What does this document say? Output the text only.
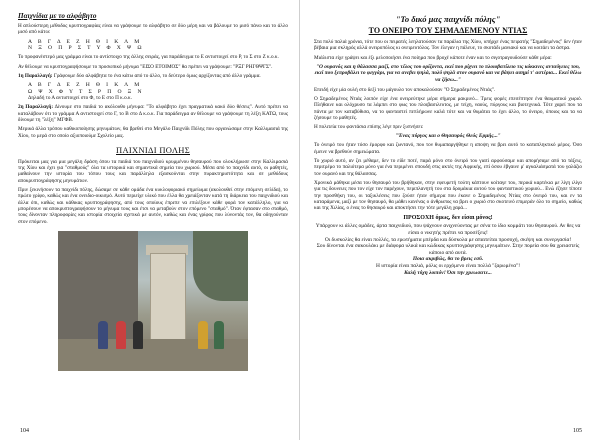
Παιχνίδια με το αλφάβητο

Η απλούστερη μέθοδος κρυπτογραφίας είναι να γράψουμε το αλφάβητο σε δύο μέρη και να βάλουμε το μισό πάνω και το άλλο μισό από κάτω:

Α Β Γ Δ Ε Ζ Η Θ Ι Κ Λ Μ
Ν Ξ Ο Π Ρ Σ Τ Υ Φ Χ Ψ Ω

Το προφανέστερό μας γράμμα είναι το αντίστοιχο της άλλης σειράς, για παράδειγμα το Ε αντιστοιχεί στο Ρ, το Σ στο Ζ κ.ο.κ.

Αν θέλουμε να κρυπτογραφήσουμε το προσωπικό μήνυμα "ΕΙΣΟ ΕΤΟΙΜΟΣ" θα πρέπει να γράψουμε: "ΡΞΓ ΡΗΓΘΨΓΣ".

1η Παραλλαγή: Γράφουμε δύο αλφάβητα το ένα κάτω από το άλλο, το δεύτερο όμως αρχίζοντας από άλλο γράμμα.

Α Β Γ Δ Ε Ζ Η Θ Ι Κ Λ Μ
Ω Ψ Χ Φ Υ Τ Σ Ρ Π Ο Ξ Ν

Δηλαδή το Α αντιστοιχεί στο Φ, το Ε στο Π κ.ο.κ.

2η Παραλλαγή: Δίνουμε στο παιδιά το ακόλουθο μήνυμα: "Το αλφάβητο έχει πραγματικά κακό δύο θέσεις". Αυτό πρέπει να καταλάβουν ότι το γράμμα Α αντιστοιχεί στο Γ, το Β στο Δ κ.ο.κ. Για παράδειγμα αν θέλουμε να γράψουμε τη λέξη ΚΑΤΩ, τους δίνουμε τη "λέξη" ΜΓΦΒ.

Μερικά άλλα τρόπου καθικοποίησης μηνυμάτων, θα βρεθεί στο Μεγάλο Παιχνίδι Πόλης που οργανώσαμε στην Καλλιμασιά της Χίου, το μερά στο οποίο αξιοποιούμε Σχολείο μας.

ΠΑΙΧΝΙΔΙ ΠΟΛΗΣ

Πρόκειται μας για μια μεγάλη δράση όπου τα παιδιά του παιχνιδιού κρυμμένου θησαυρού που ολοκλήρωσε στην Καλλιμασιά της Χίου και έχει για "σταθμούς" όλα τα ιστορικά και σημαντικά σημεία του χωριού. Μέσα από το παιχνίδι αυτό, οι μαθητές, μαθαίνουν την ιστορία του τόπου τους και παράλληλα εξασκούνται στην πυρακτηριστότητα και σε μεθόδους αποκρυπτογράφησης μηνυμάτων.

Πριν ξεκινήσουν τα παιχνίδι πόλης, δώσαμε σε κάθε ομάδα ένα κυκλοφοριακό σημείωμα (ακολουθεί στην επόμενη σελίδα), το πρώτο γρίφο, καθώς και ένα ονειδιο-οικισμό. Αυτό περιείχε υλικό που έλλα θα χρειάζονταν κατά τη διάρκεια του παιχνιδιού και άλλα όπι, καθώς και κάθικας κρυπτογράφησης, από τους οποίους έπρεπε να επιλέξουν κάθε φορά τον κατάλληλο, για να μπορέσουν να αποκρυπτογραφήσουν το μήνυμα τους και έτσι να μεταβούν στον επόμενο "σταθμό". Όταν έφτασαν στο σταθμό, τους δίνονταν πληροφορίες και ιστορία στοιχεία σχετικά με αυτόν, καθώς και ένας γρίφος που λύνοντάς τον, θα οδηγούνταν στον επόμενο.

104
"Το δικό μας παιχνίδι πόλης"
ΤΟ ΟΝΕΙΡΟ ΤΟΥ ΣΗΜΑΔΕΜΕΝΟΥ ΝΤΙΑΣ

Στα πολύ παλιά χρόνια, τότε που οι πειρατές λεηλατούσαν τα παράλια της Χίου, υπήρχε ένας πειρατής "Σημαδεμένος" δεν ήταν βέβαια μια σκληρός αλλά ονειροπόλος κι ονειρευτόλος. Τον έλεγαν η πάλευε, το σκοτάδι μανιακό και να κοιτάει τα άστρα.

Μιάλιστα είχε γράψει και έξι μελοποιήσει ένα ποίημα που βροχέ κάποτε έναν και το σιγοτραγουδούσε κάθε μέρα:

"Ο ουρανός και η θάλασσα μαζί, στο τέλος του ορίζοντα, εκεί που ρίχνει το πλοιοβατίλειο τις κόκκινες ανταύγειες του, εκεί που ξεπροβάλει το φεγγάρι, για να ανεβει ψηλά, πολύ ψηλά στον ουρανό και να βάψει ασημί τ' αστέρια... Εκεί θέλω να ζήσω..."

Επειδή είχε μία ουλή στο δεξί του μάγουλο τον αποκαλούσαν "Ο Σημαδεμένος Ντιάς".

Ο Σημαδεμένος Ντιάς λοιπόν είχε ένα ονειρεύτηκε μέρα σήμερα μακρινό... Τρεις φορές επεσέπτησε ένα θαυματικό χωριό. Πλήθαινε και ολόχρυσο τα λάμπει στο φως του πλοιβασιλευτος, με τείχη, ναούς, πύργους και βιοτεχνικά. Τότε χαρεί που τα πάντα με τον καταβύθισα, να το φανταστεί πεπλήρωνε καλά τότε και να θυμάται το έχει άλλο, το όνειρο, όποιος και τα να ζήσουμε το μαθητές.

Η πολιτεία του φαντάσια επίσης λέγε πριν ξυπνήσει:

"Ένας πύργος και ο Θησαυρός Θεός Ερμής..."

Το όνειρό του ήταν τόσο έμορφο και ζωντανό, που τον θυμαπαργήθηκε η αποψη να βρει αυτό το καταπληκτικό μέρος. Όσο έμεινε να βρεθούν σημειώματα.

Το χωριό αυτό, αν ζει μέθαμε, δεν το είδε ποτέ, παρά μόνο στο όνειρό του γιατί αρφούσαμε και απορήσαμε από τα τάξεις, περιτρέμο το παλιότερα μόνο για ένα περιμένει σπουδή στις ακτές της Αφρικής, επί όσου έβγαινε μ' αγκαλιάσματά του γαλάζιο τον ουρανό και της θάλασσας.

Χρονικά μάθηκα μέσα του θησαυρό του βρήθηκαν, στην εφευρετή τούτη κάπτουν κοίταγε του, περικά καρτέκια με λίγη ιλίγο για τις δουνειες που τον είχε τον παρέχουν, περιπλανητή του στα δρομάκια αυτού του φανταστικού χωριού... Ενώ έζησε τίποτε την προσθήκη του, οι ταξικλέσεις που ζούσε ήταν σήμερα που έκανε ο Σημαδεμένος Ντίας στο όνειρό του, και εν τα καταράμενα, μαζί με τον θησαυρό, θα μάθει κανένας ο άνθρωπος να βρει ο χωριό στο σκοτεινό επιμεράν όλο το σημείο, καθώς και της Χιλίας, ο ένας το θησαυρό και αποκτήσει την τότε μεγάλη χαρά...

ΠΡΟΣΟΧΗ όμως, δεν είσαι μόνος!

Υπάρχουν κι άλλες ομάδες, άρτα παιχνιδιού, που ψάχνουν ανιχνεύοντας με σένα το ίδιο κομμάτι του θησαυρού. Αν θες να είσαι ο νικητής πρέπει να προσέξεις!

Οι δυσκολίες θα είναι πολλές, τα ερωτήματα μπέρδα και δύσκολα με απαιτείται προσοχή, σκέψη και συνεργασία!

Σου δίνονται ένα σακουλάκι με διάφορα υλικά και κώδικας κρυπτογράφησης μηνυμάτων. Στην πορεία σου θα χρειαστείς κάποιο από αυτά.

Ποια ακριβώς, θα το βρεις εσύ.

Η ιστορία είναι παλιά, μόλις οι ερχόμενο είναι πολλά "ζαρωμένα"!

Καλή τύχη λοιπόν! Όσι την χρεωσατε...

105
